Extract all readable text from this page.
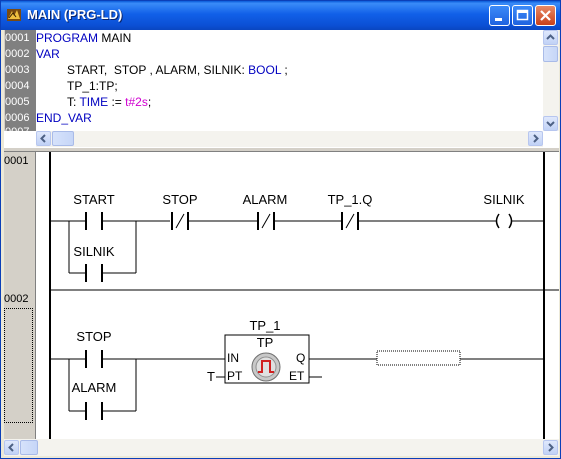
MAIN (PRG-LD)
0001
0002
0003
0004
0005
0006
0007
PROGRAM MAIN
VAR
START,  STOP , ALARM, SILNIK: BOOL ;
TP_1:TP;
T: TIME := t#2s;
END_VAR
0001
0002
START
SILNIK
STOP	ALARM	TP_1.Q	SILNIK
STOP
ALARM
TP_1
TP
IN
PT
Q
ET
T
